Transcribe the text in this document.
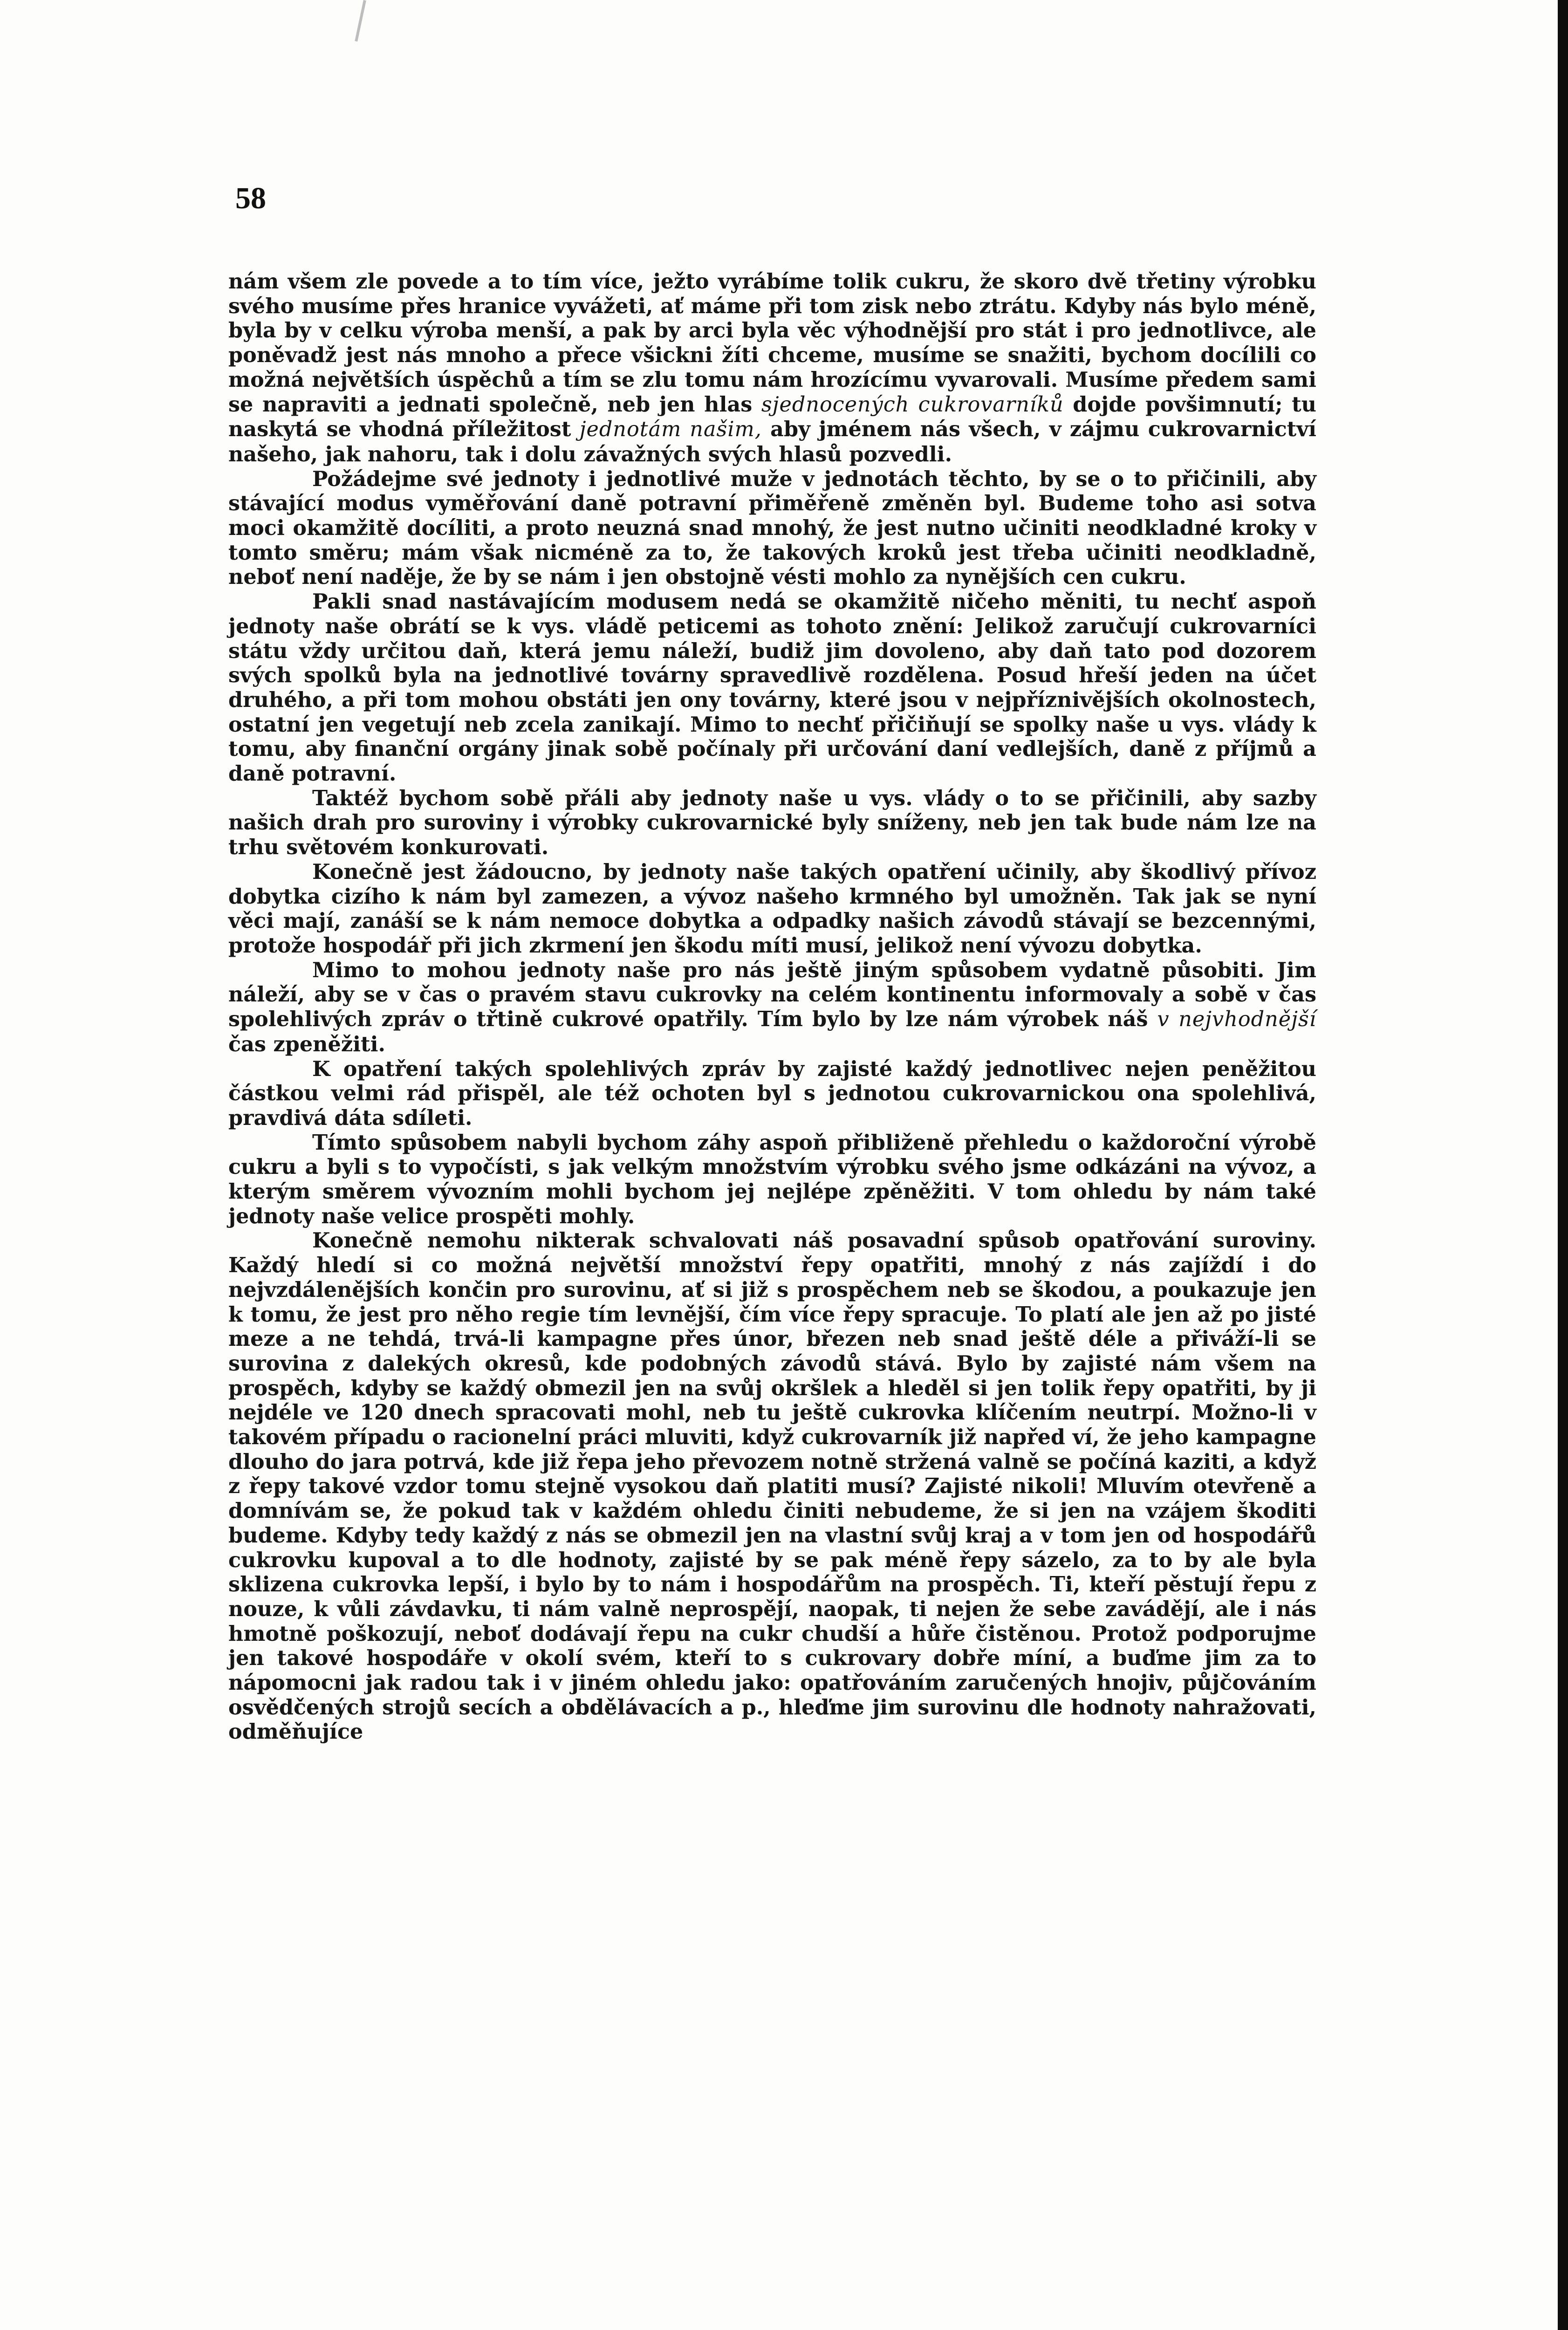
58

nám všem zle povede a to tím více, ježto vyrábíme tolik cukru, že skoro dvě třetiny výrobku svého musíme přes hranice vyvážeti, ať máme při tom zisk nebo ztrátu. Kdyby nás bylo méně, byla by v celku výroba menší, a pak by arci byla věc výhodnější pro stát i pro jednotlivce, ale poněvadž jest nás mnoho a přece všickni žíti chceme, musíme se snažiti, bychom docílili co možná největších úspěchů a tím se zlu tomu nám hrozícímu vyvarovali. Musíme předem sami se napraviti a jednati společně, neb jen hlas sjednocených cukrovarníků dojde povšimnutí; tu naskytá se vhodná příležitost jednotám našim, aby jménem nás všech, v zájmu cukrovarnictví našeho, jak nahoru, tak i dolu závažných svých hlasů pozvedli.

Požádejme své jednoty i jednotlivé muže v jednotách těchto, by se o to přičinili, aby stávající modus vyměřování daně potravní přiměřeně změněn byl. Budeme toho asi sotva moci okamžitě docíliti, a proto neuzná snad mnohý, že jest nutno učiniti neodkladné kroky v tomto směru; mám však nicméně za to, že takových kroků jest třeba učiniti neodkladně, neboť není naděje, že by se nám i jen obstojně vésti mohlo za nynějších cen cukru.

Pakli snad nastávajícím modusem nedá se okamžitě ničeho měniti, tu nechť aspoň jednoty naše obrátí se k vys. vládě peticemi as tohoto znění: Jelikož zaručují cukrovarníci státu vždy určitou daň, která jemu náleží, budiž jim dovoleno, aby daň tato pod dozorem svých spolků byla na jednotlivé továrny spravedlivě rozdělena. Posud hřeší jeden na účet druhého, a při tom mohou obstáti jen ony továrny, které jsou v nejpříznivějších okolnostech, ostatní jen vegetují neb zcela zanikají. Mimo to nechť přičiňují se spolky naše u vys. vlády k tomu, aby finanční orgány jinak sobě počínaly při určování daní vedlejších, daně z příjmů a daně potravní.

Taktéž bychom sobě přáli aby jednoty naše u vys. vlády o to se přičinili, aby sazby našich drah pro suroviny i výrobky cukrovarnické byly sníženy, neb jen tak bude nám lze na trhu světovém konkurovati.

Konečně jest žádoucno, by jednoty naše takých opatření učinily, aby škodlivý přívoz dobytka cizího k nám byl zamezen, a vývoz našeho krmného byl umožněn. Tak jak se nyní věci mají, zanáší se k nám nemoce dobytka a odpadky našich závodů stávají se bezcennými, protože hospodář při jich zkrmení jen škodu míti musí, jelikož není vývozu dobytka.

Mimo to mohou jednoty naše pro nás ještě jiným spůsobem vydatně působiti. Jim náleží, aby se v čas o pravém stavu cukrovky na celém kontinentu informovaly a sobě v čas spolehlivých zpráv o třtině cukrové opatřily. Tím bylo by lze nám výrobek náš v nejvhodnější čas zpeněžiti.

K opatření takých spolehlivých zpráv by zajisté každý jednotlivec nejen peněžitou částkou velmi rád přispěl, ale též ochoten byl s jednotou cukrovarnickou ona spolehlivá, pravdivá dáta sdíleti.

Tímto spůsobem nabyli bychom záhy aspoň přibliženě přehledu o každoroční výrobě cukru a byli s to vypočísti, s jak velkým množstvím výrobku svého jsme odkázáni na vývoz, a kterým směrem vývozním mohli bychom jej nejlépe zpěněžiti. V tom ohledu by nám také jednoty naše velice prospěti mohly.

Konečně nemohu nikterak schvalovati náš posavadní spůsob opatřování suroviny. Každý hledí si co možná největší množství řepy opatřiti, mnohý z nás zajíždí i do nejvzdálenějších končin pro surovinu, ať si již s prospěchem neb se škodou, a poukazuje jen k tomu, že jest pro něho regie tím levnější, čím více řepy spracuje. To platí ale jen až po jisté meze a ne tehdá, trvá-li kampagne přes únor, březen neb snad ještě déle a přiváží-li se surovina z dalekých okresů, kde podobných závodů stává. Bylo by zajisté nám všem na prospěch, kdyby se každý obmezil jen na svůj okršlek a hleděl si jen tolik řepy opatřiti, by ji nejdéle ve 120 dnech spracovati mohl, neb tu ještě cukrovka klíčením neutrpí. Možno-li v takovém případu o racionelní práci mluviti, když cukrovarník již napřed ví, že jeho kampagne dlouho do jara potrvá, kde již řepa jeho převozem notně stržená valně se počíná kaziti, a když z řepy takové vzdor tomu stejně vysokou daň platiti musí? Zajisté nikoli! Mluvím otevřeně a domnívám se, že pokud tak v každém ohledu činiti nebudeme, že si jen na vzájem škoditi budeme. Kdyby tedy každý z nás se obmezil jen na vlastní svůj kraj a v tom jen od hospodářů cukrovku kupoval a to dle hodnoty, zajisté by se pak méně řepy sázelo, za to by ale byla sklizena cukrovka lepší, i bylo by to nám i hospodářům na prospěch. Ti, kteří pěstují řepu z nouze, k vůli závdavku, ti nám valně neprospějí, naopak, ti nejen že sebe zavádějí, ale i nás hmotně poškozují, neboť dodávají řepu na cukr chudší a hůře čistěnou. Protož podporujme jen takové hospodáře v okolí svém, kteří to s cukrovary dobře míní, a buďme jim za to nápomocni jak radou tak i v jiném ohledu jako: opatřováním zaručených hnojiv, půjčováním osvědčených strojů secích a obdělávacích a p., hleďme jim surovinu dle hodnoty nahražovati, odměňujíce
